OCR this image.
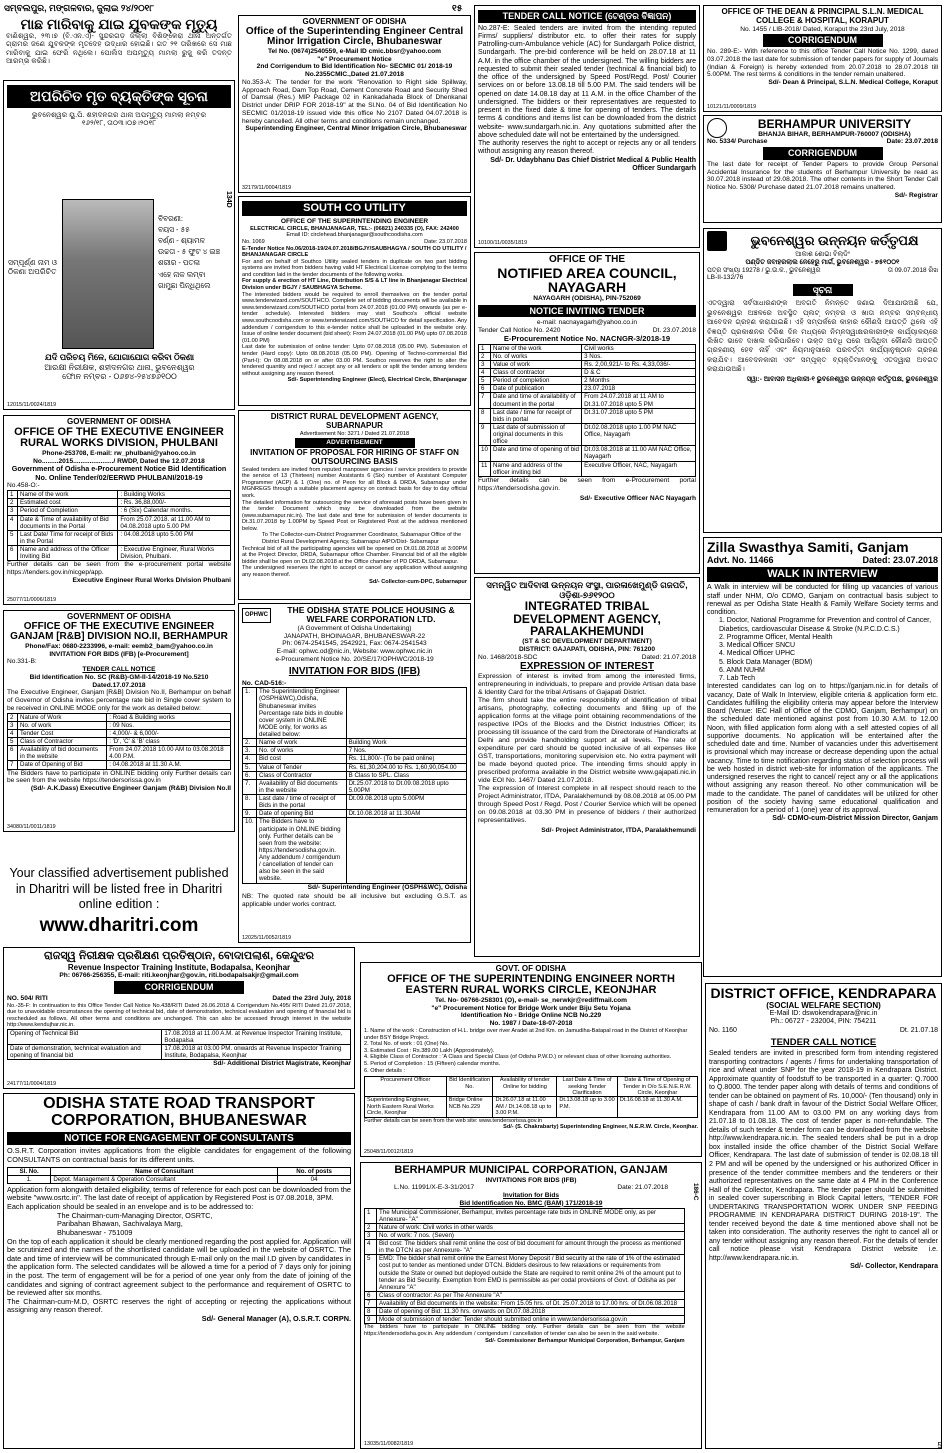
ସମ୍ବଲପୁର, ମଙ୍ଗଳବାର, ଜୁଲାଇ ୨୪/୨୦୧୮	୧୫
ମାଛ ମାରିବାକୁ ଯାଇ ଯୁବକଙ୍କ ମୃତ୍ୟୁ
ବାଣିଶ୍ୱର, ୨୩।୭ (ବି.ଏନ.ଏ)- ସୁନ୍ଦରଗଡ଼ ଜିଲ୍ଲା ବିଶିଙ୍କେରା ଥାନା ଅନ୍ତର୍ଗତ ଗ୍ରାମର ଜଣେ ଯୁବକଙ୍କ ମୃତଦେହ ଉଦ୍ଧାର ହୋଇଛି। ଗତ ୨୧ ତାରିଖରେ ସେ ମାଛ ମାରିବାକୁ ଯାଇ ଫେରି ନଥିଲେ। ପୋଲିସ ଅପମୃତ୍ୟୁ ମାମଲା ରୁଜୁ କରି ତଦନ୍ତ ଆରମ୍ଭ କରିଛି।
ଅପରିଚିତ ମୃତ ବ୍ୟକ୍ତିଙ୍କ ସୂଚନା
ଭୁବନେଶ୍ୱର ୟୁ.ପି. ଶହୀଦନଗର ଥାନା ଅପମୃତ୍ୟୁ ମାମଲା ନମ୍ବର ୧୬୨/୧୮, ତା୦୩।୦୭।୨୦୧୮
134D
ସମ୍ପୂର୍ଣ୍ଣ ନାମ ଓ ଠିକଣା ଅପରିଚିତ
ବିବରଣୀ:
ବୟସ - ୫୫
ବର୍ଣ୍ଣ - ଶ୍ୟାମଳ
ଉଚ୍ଚତା - ୫ ଫୁଟ ୪ ଇଞ୍ଚ
ଶରୀର - ପତଳା
ଏହେ ନାକ ଲମ୍ବା
ଗାମୁଛା ପିନ୍ଧିଥିଲେ
ଯଦି ପରିଚୟ ମିଳେ, ଯୋଗାଯୋଗ କରିବା ଠିକଣା
ଆରକ୍ଷୀ ନିରୀକ୍ଷକ, ଶହୀଦନଗର ଥାନା, ଭୁବନେଶ୍ୱର
ଫୋନ ନମ୍ବର - ୦୬୭୪-୨୫୪୭୬୧୦୦
12015/11/0024/1819
GOVERNMENT OF ODISHA
OFFICE OF THE EXECUTIVE ENGINEER RURAL WORKS DIVISION, PHULBANI
Phone-253708, E-mail: rw_phulbani@yahoo.co.in
No.........2015....................../ RWDP, Dated the 12.07.2018
Government of Odisha e-Procurement Notice Bid Identification No. Online Tender/02/EERWD PHULBANI/2018-19
No.458-O:-
1	Name of the work	: Building Works
2	Estimated cost	: Rs. 36,88,000/-
3	Period of Completion	: 6 (Six) Calendar months.
4	Date & Time of availability of Bid documents in the Portal	From 25.07.2018. at 11.00 AM to 04.08.2018 upto 5.00 PM
5	Last Date/ Time for receipt of Bids in the Portal	: 04.08.2018 upto 5.00 PM
6	Name and address of the Officer Inviting Bid	: Executive Engineer, Rural Works Division, Phulbani.
Further details can be seen from the e-procurement portal website https://tenders.gov.in/nicgep/app.
Executive Engineer Rural Works Division Phulbani
25077/11/0006/1819
GOVERNMENT OF ODISHA
OFFICE OF THE EXECUTIVE ENGINEER GANJAM [R&B] DIVISION NO.II, BERHAMPUR
Phone/Fax: 0680-2233996, e-mail: eemb2_bam@yahoo.co.in
INVITATION FOR BIDS (IFB) [e-Procurement]
No.331-B:
TENDER CALL NOTICE
Bid Identification No. SC (R&B)-GM-II-14/2018-19 No.5210 Dated.17.07.2018
The Executive Engineer, Ganjam [R&B] Division No.II, Berhampur on behalf of Governor of Odisha invites percentage rate bid in Single cover system to be received in ONLINE MODE only for the work as detailed below:
2	Nature of Work	: Road & Building works
3	No. of work	: 09 Nos.
4	Tender Cost	: 4,000/- & 6,000/-
5	Class of Contractor	: 'D', 'C' & 'B' class
6	Availability of bid documents in the website	From 24.07.2018 10.00 AM to 03.08.2018 4.00 P.M.
7	Date of Opening of Bid	: 04.08.2018 at 11.30 A.M.
The Bidders have to participate in ONLINE bidding only Further details can be seen from the website https://tendersorissa.gov.in
(Sd/- A.K.Dass) Executive Engineer Ganjam (R&B) Division No.II
34080/11/0011/1819
Your classified advertisement published in Dharitri will be listed free in Dharitri online edition :
www.dharitri.com
GOVERNMENT OF ODISHA
Office of the Superintending Engineer Central Minor Irrigation Circle, Bhubaneswar
Tel No. (0674)2540559, e-Mail ID cmic.bbsr@yahoo.com
"e" Procurement Notice
2nd Corrigendum to Bid Identification No- SECMIC 01/ 2018-19
No.2355CMIC.,Dated 21.07.2018
No.353-A: The tender for the work "Renovation to Right side Spillway, Approach Road, Dam Top Road, Cement Concrete Road and Security Shed of Damsal (Res.) MIP Package 02 in Kankadahada Block of Dhenkanal District under DRIP FOR 2018-19" at the Sl.No. 04 of Bid Identification No SECMIC 01/2018-19 issued vide this office No 2107 Dated 04.07.2018 is hereby cancelled. All other terms and conditions remain unchanged.
Superintending Engineer, Central Minor Irrigation Circle, Bhubaneswar
32179/11/0004/1819
SOUTH CO UTILITY
OFFICE OF THE SUPERINTENDING ENGINEER
ELECTRICAL CIRCLE, BHANJANAGAR, TEL:- (06821) 240335 (O), FAX: 242400
Email ID: circlehead.bhanjanagar@southcoodisha.com
No. 1069	Date: 23.07.2018
E-Tender Notice No.06/2018-19/24.07.2018/BGJY/SAUBHAGYA / SOUTH CO UTILITY / BHANJANAGAR CIRCLE
For and on behalf of Southco Utility sealed tenders in duplicate on two part bidding systems are invited from bidders having valid HT Electrical License complying to the terms and condition laid in the tender documents of the following works.
For supply & erection of HT Line, Distribution S/S & LT line in Bhanjanagar Electrical Division under BGJY / SAUBHAGYA Scheme.
The interested bidders would be required to enroll themselves on the tender portal www.tenderwizard.com/SOUTHCO. Complete set of bidding documents will be available in www.tenderwizard.com/SOUTHCO portal from 24.07.2018 (01.00 PM) onwards (as per e-tender schedule). Interested bidders may visit Southco's official website www.southcoodisha.com or www.tenderwizard.com/SOUTHCO for detail specification. Any addendum / corrigendum to this e-tender notice shall be uploaded in the website only. Issue of online tender document (bid sheet): From 24.07.2018 (01.00 PM) upto 07.08.2018 (01.00 PM)
Last date for submission of online tender: Upto 07.08.2018 (05.00 PM). Submission of tender (Hard copy): Upto 08.08.2018 (05.00 PM). Opening of Techno-commercial Bid (Part-I): On 08.08.2018 on or after 03.00 PM. Southco reserves the right to alter the tendered quantity and reject / accept any or all tenders or split the tender among tenders without assigning any reason thereof.
Sd/- Superintending Engineer (Elect), Electrical Circle, Bhanjanagar
DISTRICT RURAL DEVELOPMENT AGENCY, SUBARNAPUR
Advertisement No: 3271 / Dated 21.07.2018
ADVERTISEMENT
INVITATION OF PROPOSAL FOR HIRING OF STAFF ON OUTSOURCING BASIS
Sealed tenders are invited from reputed manpower agencies / service providers to provide the service of 13 (Thirteen) number Assistants 6 (Six) number of Assistant Computer Programmer (ACP) & 1 (One) no. of Peon for all Block & DRDA, Subarnapur under MGNREGS through a suitable placement agency on contract basis for day to day official work.
The detailed information for outsourcing the service of aforesaid posts have been given in the tender Document which may be downloaded from the website (www.subarnapur.nic.in). The last date and time for submission of tender documents is Dt.31.07.2018 by 1.00PM by Speed Post or Registered Post at the address mentioned below.
To The Collector-cum-District Programmer Coordinator, Subarnapur Office of the District Rural Development Agency, Subarnapur AtPO/Dist- Subarnapur
Technical bid of all the participating agencies will be opened on Dt.01.08.2018 at 3:00PM at the Project Director, DRDA, Subarnapur office Chamber. Financial bid of all the eligible bidder shall be open on Dt.02.08.2018 at the Office chamber of PD DRDA, Subarnapur.
The undersigned reserves the right to accept or cancel any application without assigning any reason thereof.
Sd/- Collector-cum-DPC, Subarnapur
OPHWC	THE ODISHA STATE POLICE HOUSING & WELFARE CORPORATION LTD.
(A Government of Odisha Undertaking)
JANAPATH, BHOINAGAR, BHUBANESWAR-22
Ph: 0674-2541545, 2542921, Fax: 0674-2541543
E-mail: ophwc.od@nic.in, Website: www.ophwc.nic.in
e-Procurement Notice No. 20/SE/17/OPHWC/2018-19
INVITATION FOR BIDS (IFB)
No. CAD-516:-
1.	The Superintending Engineer (OSPH&WC),Odisha, Bhubaneswar invites Percentage rate bids in double cover system in ONLINE MODE only, for works as detailed below:	
2.	Name of work	Building Work
3.	No. of works	7 Nos.
4.	Bid cost	Rs. 11,800/- (To be paid online)
5.	Value of Tender	Rs. 61,30,204.00 to Rs. 1,60,90,054.00
6.	Class of Contractor	B Class to SPL. Class
7.	Availability of Bid documents in the website	Dt.25.07.2018 to Dt.09.08.2018 upto 5.00PM
8.	Last date / time of receipt of Bids in the portal	Dt.09.08.2018 upto 5.00PM
9.	Date of opening Bid	Dt.10.08.2018 at 11.30AM
10.	The Bidders have to participate in ONLINE bidding only. Further details can be seen from the website: https://tendersodisha.gov.in. Any addendum / corrigendum / cancellation of tender can also be seen in the said website.	
Sd/- Superintending Engineer (OSPH&WC), Odisha
NB: The quoted rate should be all inclusive but excluding G.S.T. as applicable under works contract.
12025/11/0052/1819
TENDER CALL NOTICE (ଟେଣ୍ଡର ବିଜ୍ଞାପନ)
No.287-E: Sealed tenders are invited from the intending reputed Firms/ suppliers/ distributor etc. to offer their rates for supply Patrolling-cum-Ambulance vehicle (AC) for Sundargarh Police district, Sundargarh. The pre-bid conference will be held on 28.07.18 at 11 A.M. in the office chamber of the undersigned. The willing bidders are requested to submit their sealed tender (technical & financial bid) to the office of the undersigned by Speed Post/Regd. Post/ Courier services on or before 13.08.18 till 5.00 P.M. The said tenders will be opened on date 14.08.18 day at 11 A.M. in the office Chamber of the undersigned. The bidders or their representatives are requested to present in the fixed date & time for opening of tenders. The details terms & conditions and items list can be downloaded from the district website- www.sundargarh.nic.in. Any quotations submitted after the above scheduled date will not be entertained by the undersigned.
The authority reserves the right to accept or rejects any or all tenders without assigning any reason thereof.
Sd/- Dr. Udaybhanu Das Chief District Medical & Public Health Officer Sundargarh
10100/11/0035/1819
OFFICE OF THE
NOTIFIED AREA COUNCIL, NAYAGARH
NAYAGARH (ODISHA), PIN-752069
NOTICE INVITING TENDER
e-mail: nacnayagarh@yahoo.co.in
Tender Call Notice No. 2420	Dt. 23.07.2018
E-Procurement Notice No. NACNGR-3/2018-19
1	Name of the work	Civil works
2	No. of works	3 Nos.
3	Value of work	Rs. 2,00,921/- to Rs. 4,33,036/-
4	Class of contractor	D & C
5	Period of completion	2 Months
6	Date of publication	23.07.2018
7	Date and time of availability of document in the portal	From 24.07.2018 at 11 AM to Dt.31.07.2018 upto 5 PM
8	Last date / time for receipt of bids in portal	Dt.31.07.2018 upto 5 PM
9	Last date of submission of original documents in this office	Dt.02.08.2018 upto 1.00 PM NAC Office, Nayagarh
10	Date and time of opening of bid	Dt.03.08.2018 at 11.00 AM NAC Office, Nayagarh
11	Name and address of the officer inviting bid	Executive Officer, NAC, Nayagarh
Further details can be seen from e-Procurement portal https://tendersodisha.gov.in.
Sd/- Executive Officer NAC Nayagarh
ସମନ୍ୱିତ ଆଦିବାସୀ ଉନ୍ନୟନ ସଂସ୍ଥା, ପାରଳାଖେମୁଣ୍ଡି ଗଜପତି, ଓଡ଼ିଶା-୭୬୧୨୦୦
INTEGRATED TRIBAL DEVELOPMENT AGENCY, PARALAKHEMUNDI
(ST & SC DEVELOPMENT DEPARTMENT)
DISTRICT: GAJAPATI, ODISHA, PIN: 761200
No. 1468/2018-SDC	Dated: 21.07.2018
EXPRESSION OF INTEREST
Expression of interest is invited from among the interested firms, entrepreneuring in individuals, to prepare and provide Artisan data base & Identity Card for the tribal Artisans of Gajapati District.
The firm should take the entire responsibility of identification of tribal artisans, photography, collecting documents and filling up of the application forms at the village point obtaining recommendations of the respective IPOs of the Blocks and the District Industries Officer; its processing till issuance of the card from the Directorate of Handicrafts at Delhi and provide handholding support at all levels. The rate of expenditure per card should be quoted inclusive of all expenses like GST, transportations, monitoring supervision etc. No extra payment will be made beyond quoted price. The intending firms should apply in prescribed proforma available in the District website www.gajapati.nic.in vide EOI No. 1467/ Dated 21.07.2018.
The expression of Interest complete in all respect should reach to the Project Administrator, ITDA, Paralakhemundi by 08.08.2018 at 05.00 PM through Speed Post / Regd. Post / Courier Service which will be opened on 09.08.2018 at 03.30 PM in presence of bidders / their authorized representatives.
Sd/- Project Administrator, ITDA, Paralakhemundi
OFFICE OF THE DEAN & PRINCIPAL S.L.N. MEDICAL COLLEGE & HOSPITAL, KORAPUT
No. 1455 / LIB-2018/ Dated, Koraput the 23rd July, 2018
CORRIGENDUM
No. 289-E:- With reference to this office Tender Call Notice No. 1299, dated 03.07.2018 the last date for submission of tender papers for supply of Journals (Indian & Foreign) is hereby extended from 20.07.2018 to 28.07.2018 till 5.00PM. The rest terms & conditions in the tender remain unaltered.
Sd/- Dean & Principal, S.L.N. Medical College, Koraput
10121/11/0009/1819
BERHAMPUR UNIVERSITY
BHANJA BIHAR, BERHAMPUR-760007 (ODISHA)
No. 5334/ Purchase	Date: 23.07.2018
CORRIGENDUM
The last date for receipt of Tender Papers to provide Group Personal Accidental Insurance for the students of Berhampur University be read as 30.07.2018 instead of 29.08.2018. The other contents in the Short Tender Call Notice No. 5308/ Purchase dated 21.07.2018 remains unaltered.
Sd/- Registrar
ଭୁବନେଶ୍ୱର ଉନ୍ନୟନ କର୍ତ୍ତୃପକ୍ଷ
ଆକାଶ ଶୋଭା ବିଲ୍ଡିଂ
ପଣ୍ଡିତ ଜବାହରଲାଲ ନେହେରୁ ମାର୍ଗ, ଭୁବନେଶ୍ୱର - ୭୫୧୦୦୧
ପତ୍ର ସଂଖ୍ୟା 19278 / ଭୁ.ଉ.କ., ଭୁବନେଶ୍ୱର	ତା 09.07.2018 ରିଖ
LB-II-132/76
ସୂଚନା
ଏତଦ୍ୱାରା ସର୍ବସାଧାରଣଙ୍କ ଅବଗତି ନିମନ୍ତେ ଜଣାଇ ଦିଆଯାଉଅଛି ଯେ, ଭୁବନେଶ୍ୱର ଅଞ୍ଚଳରେ ଅବସ୍ଥିତ ପ୍ଲଟ୍ ନମ୍ବର ଓ ଖାତା ନମ୍ବର ସମ୍ବନ୍ଧୀୟ ଆବେଦନ ଗ୍ରହଣ କରାଯାଇଛି। ଏହି ସମ୍ପର୍କରେ କାହାର କୌଣସି ଆପତ୍ତି ଥିଲେ ଏହି ବିଜ୍ଞପ୍ତି ପ୍ରକାଶନର ତିରିଶ ଦିନ ମଧ୍ୟରେ ନିମ୍ନସ୍ୱାକ୍ଷରକାରୀଙ୍କ କାର୍ଯ୍ୟାଳୟରେ ଲିଖିତ ଭାବେ ଦାଖଲ କରିପାରିବେ। ଉକ୍ତ ଅବଧି ପରେ ଆସିଥିବା କୌଣସି ଆପତ୍ତି ଗ୍ରହଣୀୟ ହେବ ନାହିଁ ଏବଂ ନିୟମାନୁସାରେ ପରବର୍ତ୍ତୀ କାର୍ଯ୍ୟାନୁଷ୍ଠାନ ଗ୍ରହଣ କରାଯିବ। ଆବେଦନକାରୀ ଏବଂ ସମ୍ପୃକ୍ତ ବ୍ୟକ୍ତିମାନଙ୍କୁ ଏତଦ୍ୱାରା ଅବଗତ କରାଯାଉଅଛି।
ସ୍ୱା:- ଆବାସନ ଅଧିକାରୀ-୧ ଭୁବନେଶ୍ୱର ଉନ୍ନୟନ କର୍ତ୍ତୃପକ୍ଷ, ଭୁବନେଶ୍ୱର
Zilla Swasthya Samiti, Ganjam
Advt. No. 11466	Dated: 23.07.2018
WALK IN INTERVIEW
A Walk in interview will be conducted for filling up vacancies of various staff under NHM, O/o CDMO, Ganjam on contractual basis subject to renewal as per Odisha State Health & Family Welfare Society terms and condition.
1. Doctor, National Programme for Prevention and control of Cancer, Diabetics, cardiovascular Disease & Stroke (N.P.C.D.C.S.)
2. Programme Officer, Mental Health
3. Medical Officer SNCU
4. Medical Officer UPHC
5. Block Data Manager (BDM)
6. ANM NUHM
7. Lab Tech
Interested candidates can log on to https://ganjam.nic.in for details of vacancy, Date of Walk In Interview, eligible criteria & application form etc. Candidates fulfilling the eligibility criteria may appear before the Interview Board (Venue: IEC Hall of Office of the CDMO, Ganjam, Berhampur) on the scheduled date mentioned against post from 10.30 A.M. to 12.00 Noon, with filled application form along with a self attested copies of all supportive documents. No application will be entertained after the scheduled date and time. Number of vacancies under this advertisement is provisional which may increase or decrease depending upon the actual vacancy. Time to time notification regarding status of selection process will be web hosted in district web-site for information of the applicants. The undersigned reserves the right to cancel/ reject any or all the applications without assigning any reason thereof. No other communication will be made to the candidate. The panel of candidates will be utilized for other position of the society having same educational qualification and remuneration for a period of 1 (one) year of its approval.
Sd/- CDMO-cum-District Mission Director, Ganjam
ରାଜସ୍ୱ ନିରୀକ୍ଷକ ପ୍ରଶିକ୍ଷଣ ପ୍ରତିଷ୍ଠାନ, ବୋଦାପଲାଶ, କେନ୍ଦୁଝର
Revenue Inspector Training Institute, Bodapalsa, Keonjhar
Ph: 06766-256355, E-mail: riti.keonjhar@gov.in, riti.bodapalsakjr@gmail.com
CORRIGENDUM
NO. 504/ RITI	Dated the 23rd July, 2018
No.-35-F: In continuation to this Office Tender Call Notice No.438/RITI Dated 26.06.2018 & Corrigendum No.495/ RITI Dated 21.07.2018, due to unavoidable circumstances the opening of technical bid, date of demonstration, technical evaluation and opening of financial bid is rescheduled as follows. All other terms and conditions are unchanged. This can also be accessed through internet in the website http://www.kendujhar.nic.in.
Opening of Technical Bid	17.08.2018 at 11.00 A.M. at Revenue Inspector Training Institute, Bodapalsa
Date of demonstration, technical evaluation and opening of financial bid	17.08.2018 at 03.00 PM. onwards at Revenue Inspector Training Institute, Bodapalsa, Keonjhar
Sd/- Additional District Magistrate, Keonjhar
24177/11/0004/1819
ODISHA STATE ROAD TRANSPORT CORPORATION, BHUBANESWAR
NOTICE FOR ENGAGEMENT OF CONSULTANTS
O.S.R.T. Corporation invites applications from the eligible candidates for engagement of the following CONSULTANTS on contractual basis for its different units.
Sl. No.	Name of Consultant	No. of posts
1.	Depot. Management & Operation Consultant	04
Application form alongwith detailed eligibility, terms of reference for each post can be downloaded from the website "www.osrtc.in". The last date of receipt of application by Registered Post is 07.08.2018, 3PM.
Each application should be sealed in an envelope and is to be addressed to:
The Chairman-cum-Managing Director, OSRTC, Paribahan Bhawan, Sachivalaya Marg, Bhubaneswar - 751009
On the top of each application it should be clearly mentioned regarding the post applied for. Application will be scrutinized and the names of the shortlisted candidate will be uploaded in the website of OSRTC. The date and time of interview will be communicated through E-mail only on the mail I.D given by candidates in the application form. The selected candidates will be allowed a time for a period of 7 days only for joining in the post. The term of engagement will be for a period of one year only from the date of joining of the candidates and signing of contract agreement subject to the performance and requirement of OSRTC to be reviewed after six months.
The Chairman-cum-M.D, OSRTC reserves the right of accepting or rejecting the applications without assigning any reason thereof.
Sd/- General Manager (A), O.S.R.T. CORPN.
GOVT. OF ODISHA
OFFICE OF THE SUPERINTENDING ENGINEER NORTH EASTERN RURAL WORKS CIRCLE, KEONJHAR
Tel. No- 06766-258301 (O), e-mail- se_nerwkjr@rediffmail.com
"e" Procurement Notice for Bridge Work under Biju Setu Yojana
Identification No - Bridge Online NCB No.229
No. 1987 / Date-18-07-2018
1. Name of the work : Construction of H.L. bridge over river Aradei at 2nd Km. on Jamudiha-Batapal road in the District of Keonjhar under BSY Bridge Project.
2. Total No. of work : 01 (One) No.
3. Estimated Cost : Rs.389.00 Lakh (Approximately).
4. Eligible Class of Contractor : 'A Class and Special Class (of Odisha P.W.D.) or relevant class of other licensing authorities.
5. Period of Completion : 15 (Fifteen) calendar months.
6. Other details :
Procurement Officer	Bid Identification No.	Availability of tender Online for bidding	Last Date & Time of seeking Tender Clarification	Date & Time of Opening of Tender in O/o S.E.N.E.R.W. Circle, Keonjhar
Superintending Engineer, North Eastern Rural Works Circle, Keonjhar	Bridge Online NCB No.229	Dt.26.07.18 at 11.00 AM / Dt.14.08.18 up to 3.00 P.M.	Dt.13.08.18 up to 3.00 P.M.	Dt.16.08.18 at 11.30 A.M.
Further details can be seen from the web site: www.tendersorissa.gov.in
Sd/- (S. Chakrabarty) Superintending Engineer, N.E.R.W. Circle, Keonjhar.
25048/11/0012/1819
BERHAMPUR MUNICIPAL CORPORATION, GANJAM
INVITATIONS FOR BIDS (IFB)
L.No. 11991/X-E-3-31/2017	Date: 21.07.2018	186-C
Invitation for Bids
Bid Identification No. BMC (BAM) 171/2018-19
1	The Municipal Commissioner, Berhampur, invites percentage rate bids in ONLINE MODE only, as per Annexure- "A"
2	Nature of work: Civil works in other wards
3	No. of work: 7 nos. (Seven)
4	Bid cost: The bidders shall remit online the cost of bid document for amount through the process as mentioned in the DTCN as per Annexure- "A"
5	EMD: The bidder shall remit online the Earnest Money Deposit / Bid security at the rate of 1% of the estimated cost put to tender as mentioned under DTCN. Bidders desirous to few relaxations or requirements from outside the State or owned but deployed outside the State are required to remit online 2% of the amount put to tender as Bid Security. Exemption from EMD is permissible as per codal provisions of Govt. of Odisha as per Annexure "A"
6	Class of contractor: As per The Annexure "A"
7	Availability of Bid documents in the website: From 15.05 hrs. of Dt. 25.07.2018 to 17.00 hrs. of Dt.06.08.2018
8	Date of opening of Bid: 11.30 hrs. onwards on Dt.07.08.2018
9	Mode of submission of tender: Tender should submitted online in www.tendersorissa.gov.in
The bidders have to participate in ONLINE bidding only. Further details can be seen from the website https://tendersodisha.gov.in. Any addendum / corrigendum / cancellation of tender can also be seen in the said website.
Sd/- Commissioner Berhampur Municipal Corporation, Berhampur, Ganjam
13035/11/0082/1819
DISTRICT OFFICE, KENDRAPARA
(SOCIAL WELFARE SECTION)
E-Mail ID: dswokendrapara@nic.in
Ph.: 06727 - 232004, PIN: 754211
No. 1160	Dt. 21.07.18
TENDER CALL NOTICE
Sealed tenders are invited in prescribed form from intending registered transporting contractors / agents / firms for undertaking transportation of rice and wheat under SNP for the year 2018-19 in Kendrapara District. Approximate quantity of foodstuff to be transported in a quarter: Q.7000 to Q.8000. The tender paper along with details of terms and conditions of tender can be obtained on payment of Rs. 10,000/- (Ten thousand) only in shape of cash / bank draft in favour of the District Social Welfare Officer, Kendrapara from 11.00 AM to 03.00 PM on any working days from 21.07.18 to 01.08.18. The cost of tender paper is non-refundable. The details of such tender & tender form can be downloaded from the website http://www.kendrapara.nic.in. The sealed tenders shall be put in a drop box installed inside the office chamber of the District Social Welfare Officer, Kendrapara. The last date of submission of tender is 02.08.18 till 2 PM and will be opened by the undersigned or his authorized Officer in presence of the tender committee members and the tenderers or their authorized representatives on the same date at 4 PM in the Conference Hall of the Collector, Kendrapara. The tender paper should be submitted in sealed cover superscribing in Block Capital letters, "TENDER FOR UNDERTAKING TRANSPORTATION WORK UNDER SNP FEEDING PROGRAMME IN KENDRAPARA DISTRICT DURING 2018-19". The tender received beyond the date & time mentioned above shall not be taken into consideration. The authority reserves the right to cancel all or any tender without assigning any reason thereof. For the details of tender call notice please visit Kendrapara District website i.e. http://www.kendrapara.nic.in.
Sd/- Collector, Kendrapara
5
